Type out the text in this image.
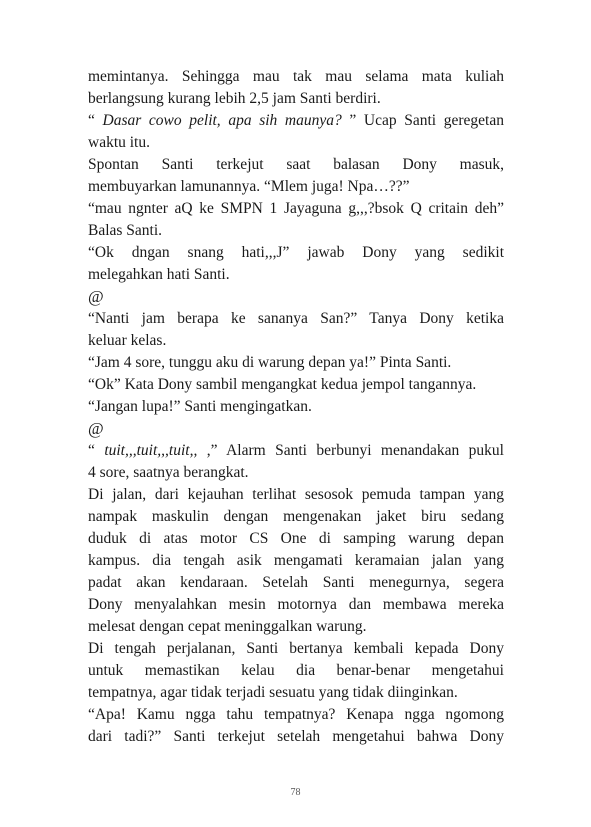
memintanya. Sehingga mau tak mau selama mata kuliah
berlangsung kurang lebih 2,5 jam Santi berdiri.
“ Dasar cowo pelit, apa sih maunya? ” Ucap Santi geregetan
waktu itu.
Spontan Santi terkejut saat balasan Dony masuk,
membuyarkan lamunannya. “Mlem juga! Npa…??”
“mau ngnter aQ ke SMPN 1 Jayaguna g,,,?bsok Q critain deh”
Balas Santi.
“Ok dngan snang hati,,,J” jawab Dony yang sedikit
melegahkan hati Santi.
@
“Nanti jam berapa ke sananya San?” Tanya Dony ketika
keluar kelas.
“Jam 4 sore, tunggu aku di warung depan ya!” Pinta Santi.
“Ok” Kata Dony sambil mengangkat kedua jempol tangannya.
“Jangan lupa!” Santi mengingatkan.
@
“ tuit,,,tuit,,,tuit,, ,” Alarm Santi berbunyi menandakan pukul
4 sore, saatnya berangkat.
Di jalan, dari kejauhan terlihat sesosok pemuda tampan yang
nampak maskulin dengan mengenakan jaket biru sedang
duduk di atas motor CS One di samping warung depan
kampus. dia tengah asik mengamati keramaian jalan yang
padat akan kendaraan. Setelah Santi menegurnya, segera
Dony menyalahkan mesin motornya dan membawa mereka
melesat dengan cepat meninggalkan warung.
Di tengah perjalanan, Santi bertanya kembali kepada Dony
untuk memastikan kelau dia benar-benar mengetahui
tempatnya, agar tidak terjadi sesuatu yang tidak diinginkan.
“Apa! Kamu ngga tahu tempatnya? Kenapa ngga ngomong
dari tadi?” Santi terkejut setelah mengetahui bahwa Dony
78
